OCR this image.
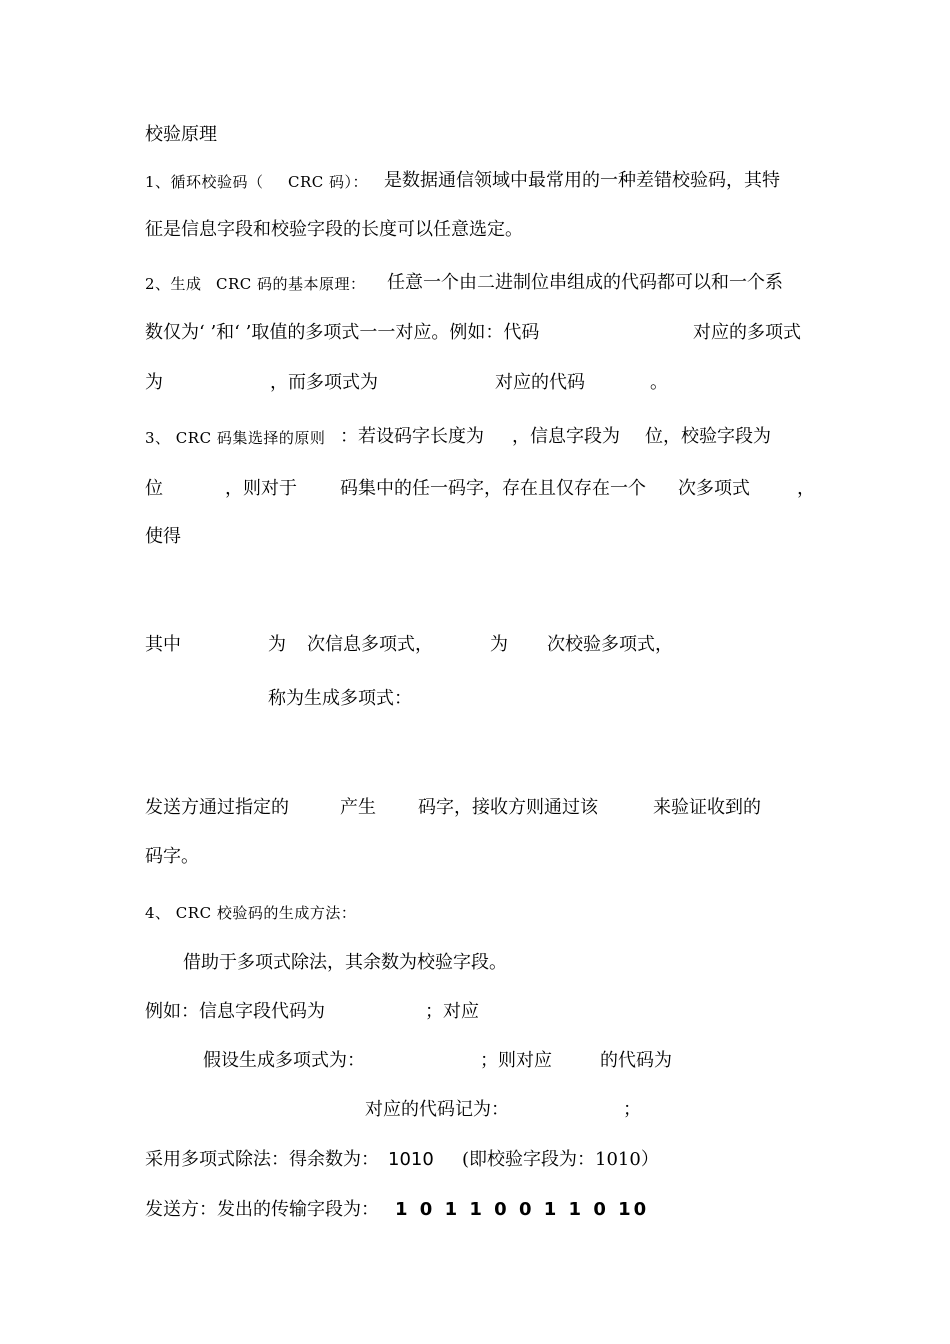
校验原理
1、循环校验码（ CRC 码）： 是数据通信领域中最常用的一种差错校验码，其特
征是信息字段和校验字段的长度可以任意选定。
2、生成 CRC 码的基本原理： 任意一个由二进制位串组成的代码都可以和一个系
数仅为‘ ’和‘ ’取值的多项式一一对应。例如：代码	对应的多项式
为	，而多项式为	对应的代码	。
3、 CRC 码集选择的原则 ：若设码字长度为 ，信息字段为 位，校验字段为
位	，则对于 码集中的任一码字，存在且仅存在一个 次多项式	，
使得
其中	为 次信息多项式，	为 次校验多项式，
称为生成多项式：
发送方通过指定的	产生 码字，接收方则通过该	来验证收到的
码字。
4、 CRC 校验码的生成方法：
借助于多项式除法，其余数为校验字段。
例如：信息字段代码为	；对应
假设生成多项式为：	；则对应	的代码为
对应的代码记为：	；
采用多项式除法：得余数为： 1010 (即校验字段为：1010）
发送方：发出的传输字段为： 1 0 1 1 0 0 1 1 0 10
